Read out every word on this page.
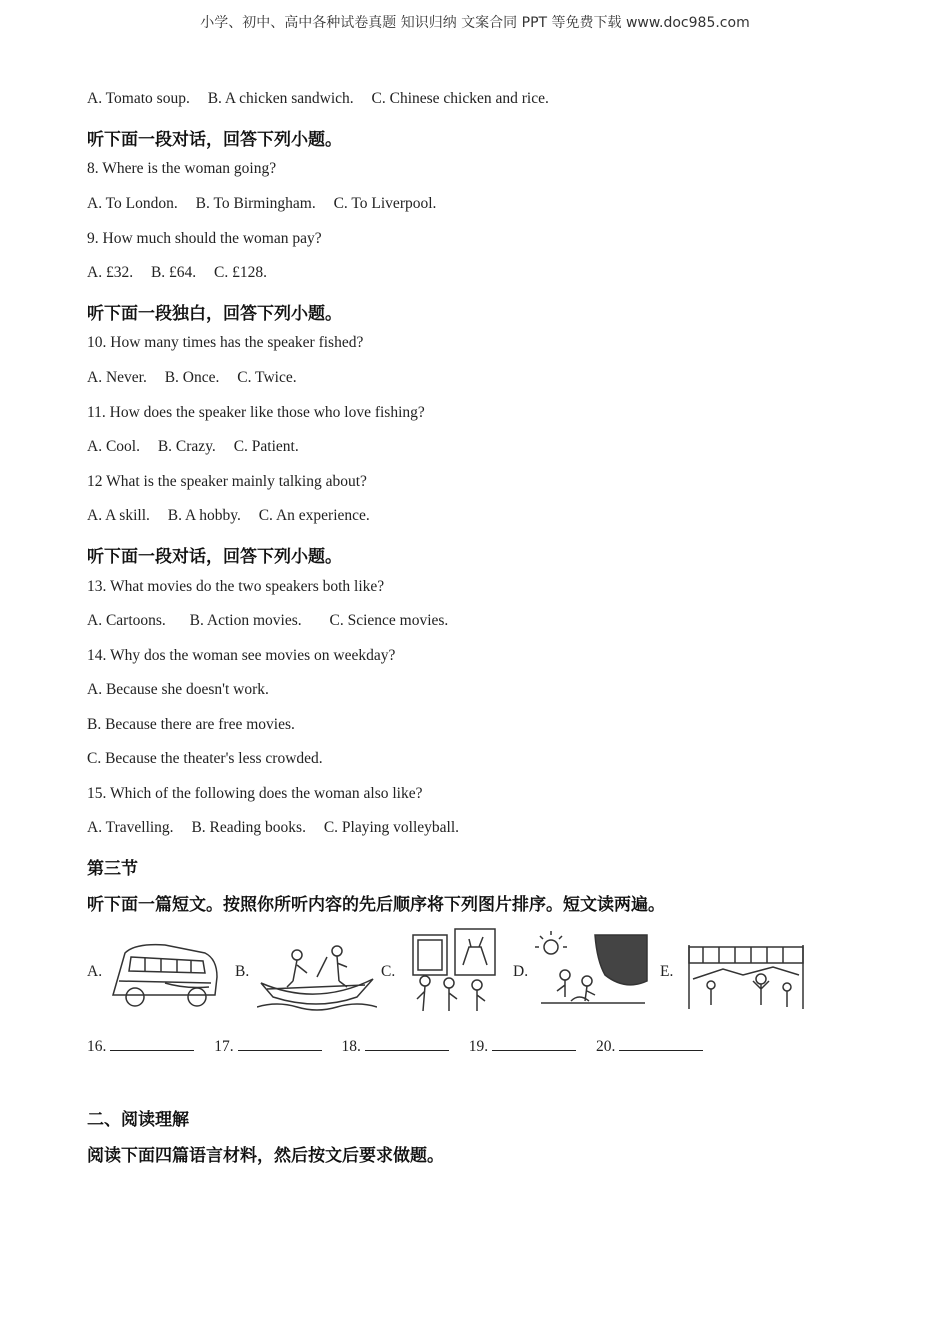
小学、初中、高中各种试卷真题 知识归纳 文案合同 PPT 等免费下载 www.doc985.com
A. Tomato soup. B. A chicken sandwich. C. Chinese chicken and rice.
听下面一段对话，回答下列小题。
8. Where is the woman going?
A. To London. B. To Birmingham. C. To Liverpool.
9. How much should the woman pay?
A. £32. B. £64. C. £128.
听下面一段独白，回答下列小题。
10. How many times has the speaker fished?
A. Never. B. Once. C. Twice.
11. How does the speaker like those who love fishing?
A. Cool. B. Crazy. C. Patient.
12 What is the speaker mainly talking about?
A. A skill. B. A hobby. C. An experience.
听下面一段对话，回答下列小题。
13. What movies do the two speakers both like?
A. Cartoons. B. Action movies. C. Science movies.
14. Why dos the woman see movies on weekday?
A. Because she doesn't work.
B. Because there are free movies.
C. Because the theater's less crowded.
15. Which of the following does the woman also like?
A. Travelling. B. Reading books. C. Playing volleyball.
第三节
听下面一篇短文。按照你所听内容的先后顺序将下列图片排序。短文读两遍。
A.	B.	C.	D.	E.
16.	17.	18.	19.	20.
二、阅读理解
阅读下面四篇语言材料，然后按文后要求做题。
